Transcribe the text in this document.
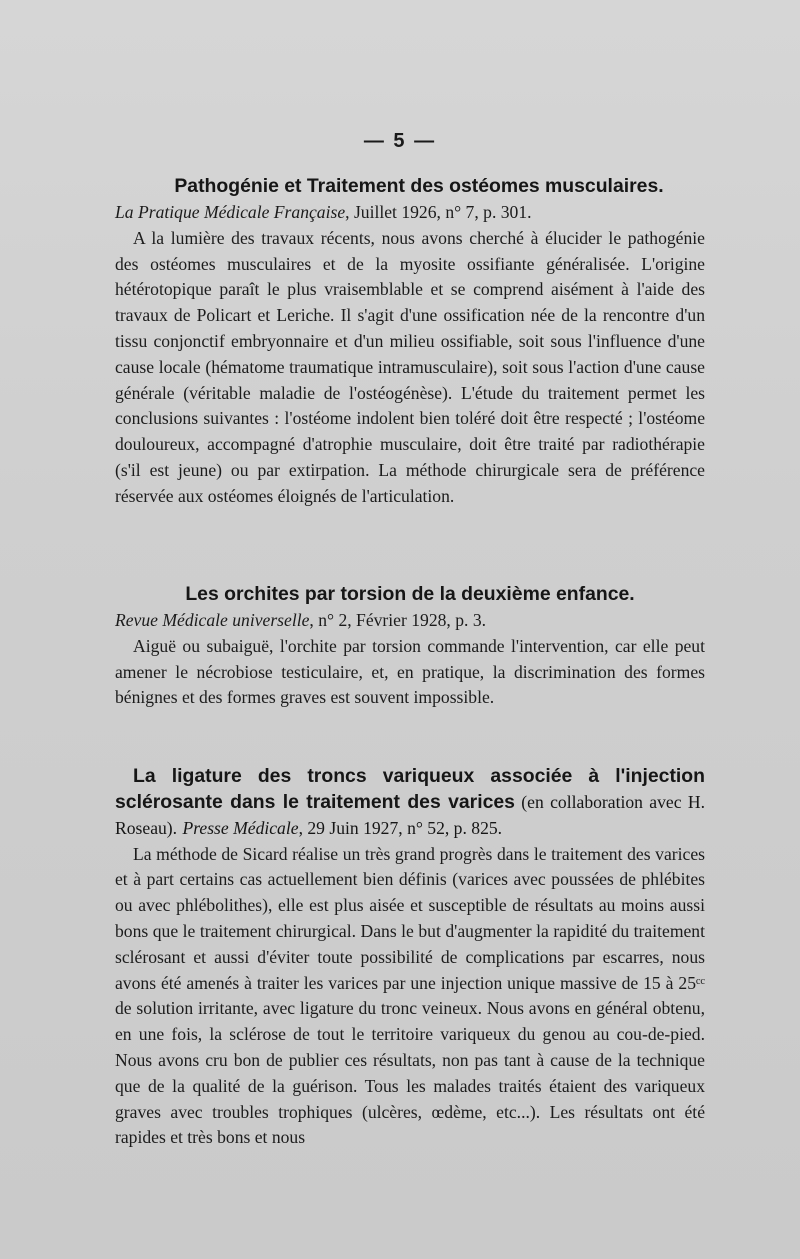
— 5 —

Pathogénie et Traitement des ostéomes musculaires.

La Pratique Médicale Française, Juillet 1926, n° 7, p. 301.

A la lumière des travaux récents, nous avons cherché à élucider le pathogénie des ostéomes musculaires et de la myosite ossifiante généralisée. L'origine hétérotopique paraît le plus vraisemblable et se comprend aisément à l'aide des travaux de Policart et Leriche. Il s'agit d'une ossification née de la rencontre d'un tissu conjonctif embryonnaire et d'un milieu ossifiable, soit sous l'influence d'une cause locale (hématome traumatique intramusculaire), soit sous l'action d'une cause générale (véritable maladie de l'ostéogénèse). L'étude du traitement permet les conclusions suivantes : l'ostéome indolent bien toléré doit être respecté ; l'ostéome douloureux, accompagné d'atrophie musculaire, doit être traité par radiothérapie (s'il est jeune) ou par extirpation. La méthode chirurgicale sera de préférence réservée aux ostéomes éloignés de l'articulation.

Les orchites par torsion de la deuxième enfance.

Revue Médicale universelle, n° 2, Février 1928, p. 3.

Aiguë ou subaiguë, l'orchite par torsion commande l'intervention, car elle peut amener le nécrobiose testiculaire, et, en pratique, la discrimination des formes bénignes et des formes graves est souvent impossible.

La ligature des troncs variqueux associée à l'injection sclérosante dans le traitement des varices (en collaboration avec H. Roseau). Presse Médicale, 29 Juin 1927, n° 52, p. 825.

La méthode de Sicard réalise un très grand progrès dans le traitement des varices et à part certains cas actuellement bien définis (varices avec poussées de phlébites ou avec phlébolithes), elle est plus aisée et susceptible de résultats au moins aussi bons que le traitement chirurgical. Dans le but d'augmenter la rapidité du traitement sclérosant et aussi d'éviter toute possibilité de complications par escarres, nous avons été amenés à traiter les varices par une injection unique massive de 15 à 25ᶜᶜ de solution irritante, avec ligature du tronc veineux. Nous avons en général obtenu, en une fois, la sclérose de tout le territoire variqueux du genou au cou-de-pied. Nous avons cru bon de publier ces résultats, non pas tant à cause de la technique que de la qualité de la guérison. Tous les malades traités étaient des variqueux graves avec troubles trophiques (ulcères, œdème, etc...). Les résultats ont été rapides et très bons et nous
